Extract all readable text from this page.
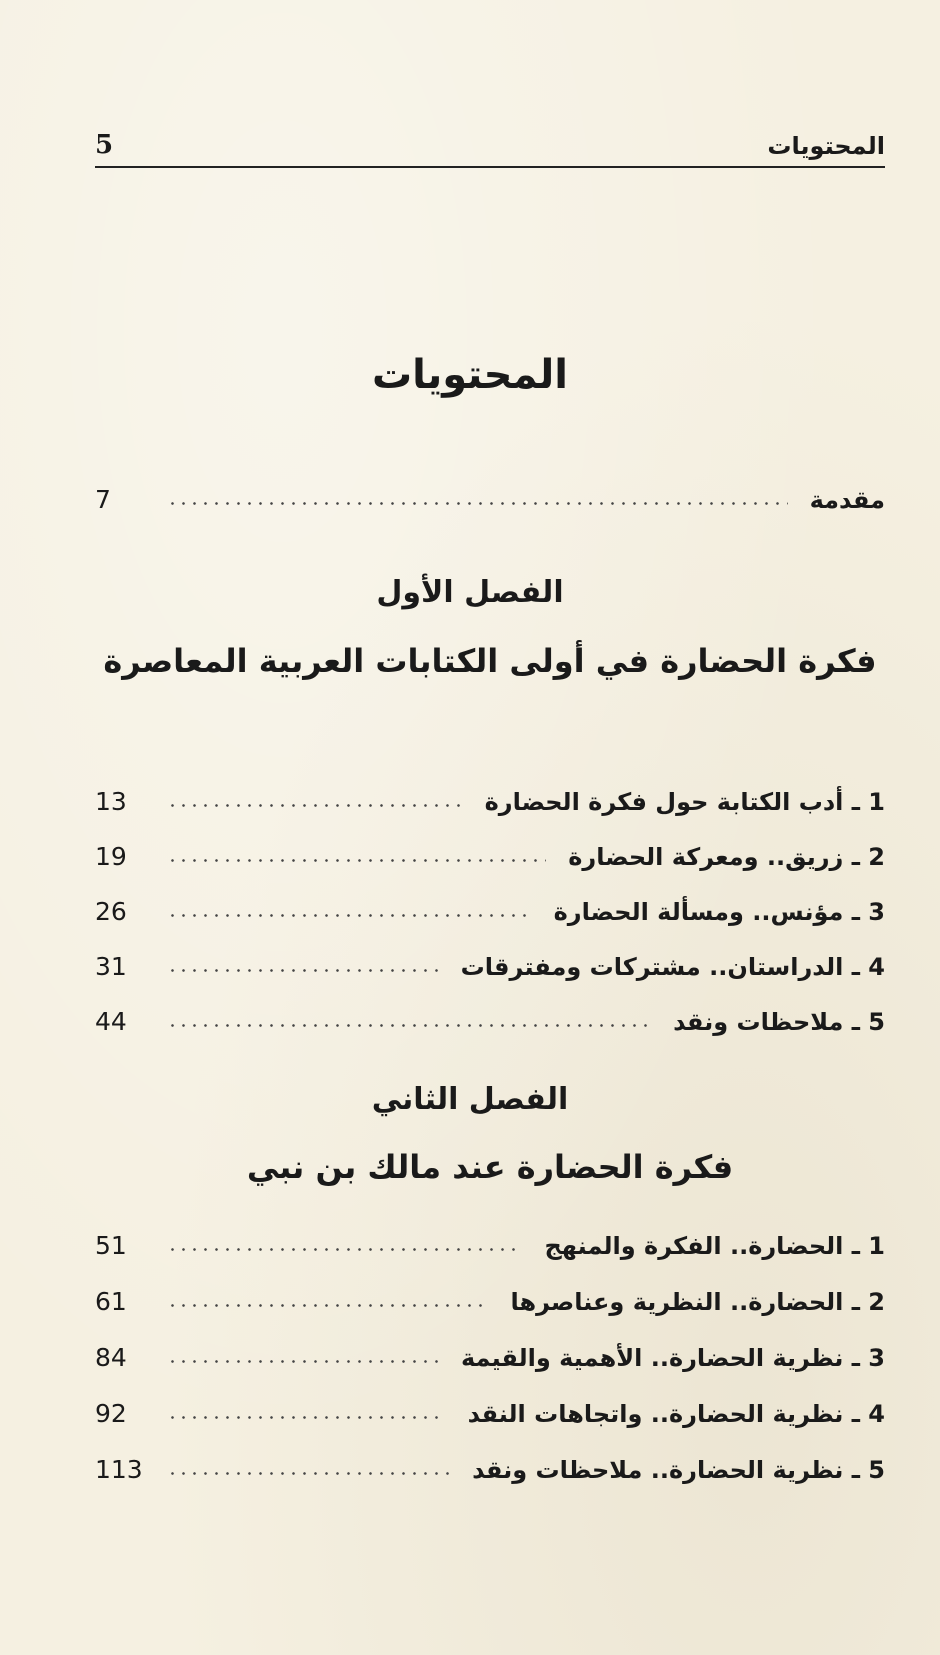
المحتويات
5
المحتويات
مقدمة
7
الفصل الأول
فكرة الحضارة في أولى الكتابات العربية المعاصرة
1 ـ أدب الكتابة حول فكرة الحضارة
13
2 ـ زريق.. ومعركة الحضارة
19
3 ـ مؤنس.. ومسألة الحضارة
26
4 ـ الدراستان.. مشتركات ومفترقات
31
5 ـ ملاحظات ونقد
44
الفصل الثاني
فكرة الحضارة عند مالك بن نبي
1 ـ الحضارة.. الفكرة والمنهج
51
2 ـ الحضارة.. النظرية وعناصرها
61
3 ـ نظرية الحضارة.. الأهمية والقيمة
84
4 ـ نظرية الحضارة.. واتجاهات النقد
92
5 ـ نظرية الحضارة.. ملاحظات ونقد
113
